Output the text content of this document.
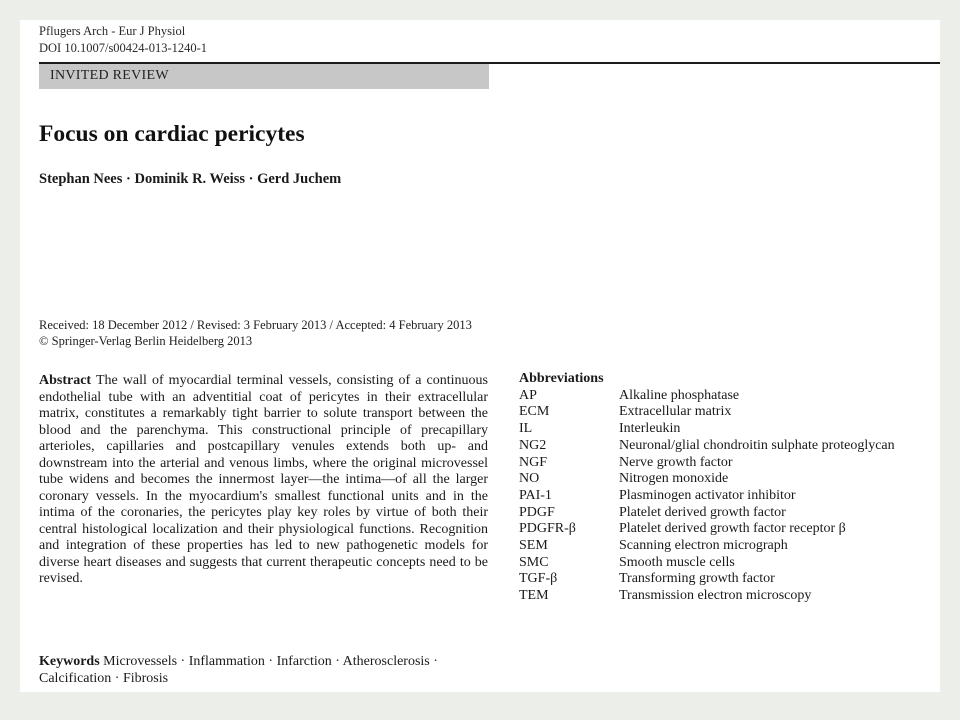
Pflugers Arch - Eur J Physiol
DOI 10.1007/s00424-013-1240-1
INVITED REVIEW
Focus on cardiac pericytes
Stephan Nees · Dominik R. Weiss · Gerd Juchem
Received: 18 December 2012 / Revised: 3 February 2013 / Accepted: 4 February 2013
© Springer-Verlag Berlin Heidelberg 2013
Abstract The wall of myocardial terminal vessels, consisting of a continuous endothelial tube with an adventitial coat of pericytes in their extracellular matrix, constitutes a remarkably tight barrier to solute transport between the blood and the parenchyma. This constructional principle of precapillary arterioles, capillaries and postcapillary venules extends both up- and downstream into the arterial and venous limbs, where the original microvessel tube widens and becomes the innermost layer—the intima—of all the larger coronary vessels. In the myocardium's smallest functional units and in the intima of the coronaries, the pericytes play key roles by virtue of both their central histological localization and their physiological functions. Recognition and integration of these properties has led to new pathogenetic models for diverse heart diseases and suggests that current therapeutic concepts need to be revised.
Keywords Microvessels · Inflammation · Infarction · Atherosclerosis · Calcification · Fibrosis
Abbreviations
AP	Alkaline phosphatase
ECM	Extracellular matrix
IL	Interleukin
NG2	Neuronal/glial chondroitin sulphate proteoglycan
NGF	Nerve growth factor
NO	Nitrogen monoxide
PAI-1	Plasminogen activator inhibitor
PDGF	Platelet derived growth factor
PDGFR-β	Platelet derived growth factor receptor β
SEM	Scanning electron micrograph
SMC	Smooth muscle cells
TGF-β	Transforming growth factor
TEM	Transmission electron microscopy
